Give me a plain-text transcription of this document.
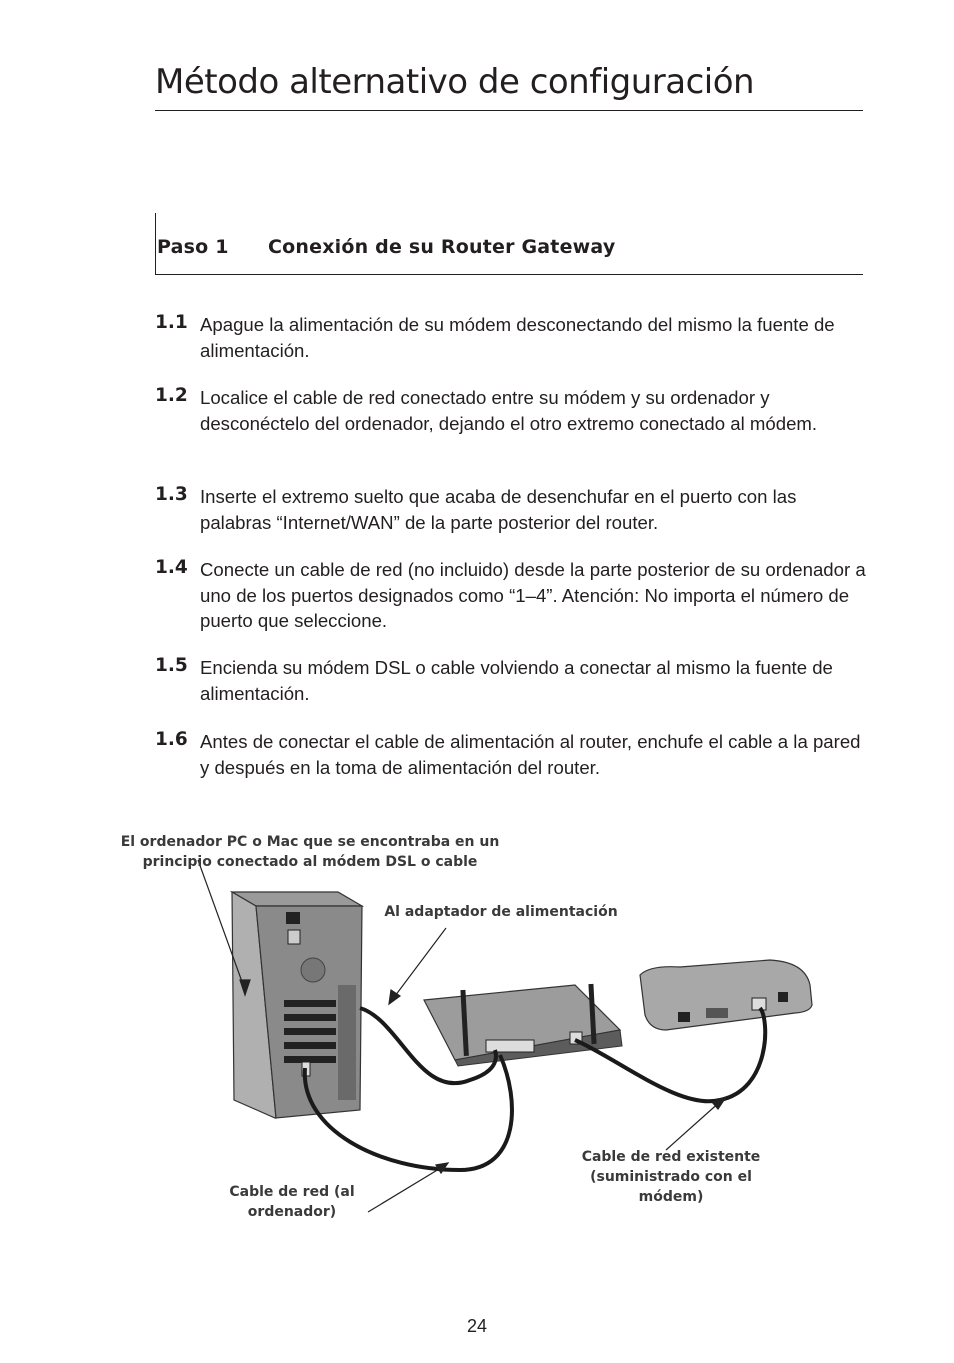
Método alternativo de configuración
Paso 1 Conexión de su Router Gateway
1.1 Apague la alimentación de su módem desconectando del mismo la fuente de alimentación.
1.2 Localice el cable de red conectado entre su módem y su ordenador y desconéctelo del ordenador, dejando el otro extremo conectado al módem.
1.3 Inserte el extremo suelto que acaba de desenchufar en el puerto con las palabras “Internet/WAN” de la parte posterior del router.
1.4 Conecte un cable de red (no incluido) desde la parte posterior de su ordenador a uno de los puertos designados como “1–4”. Atención: No importa el número de puerto que seleccione.
1.5 Encienda su módem DSL o cable volviendo a conectar al mismo la fuente de alimentación.
1.6 Antes de conectar el cable de alimentación al router, enchufe el cable a la pared y después en la toma de alimentación del router.
El ordenador PC o Mac que se encontraba en un
principio conectado al módem DSL o cable
Al adaptador de alimentación
Cable de red (al
ordenador)
Cable de red existente
(suministrado con el
módem)
24
